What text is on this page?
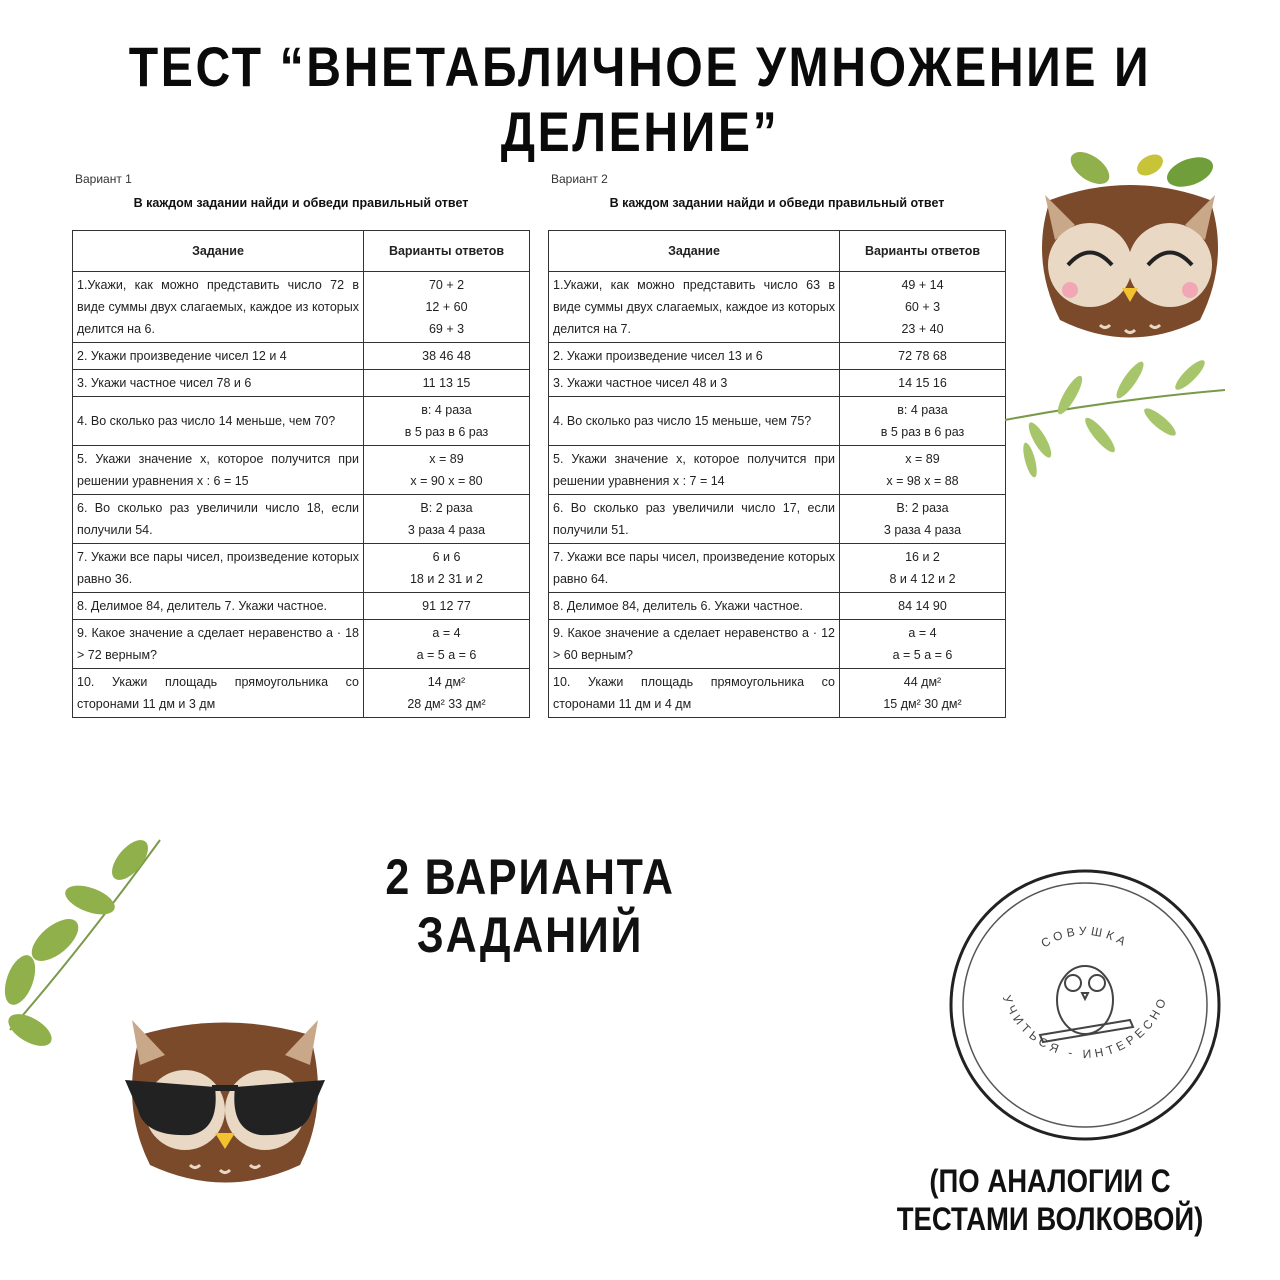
ТЕСТ “ВНЕТАБЛИЧНОЕ УМНОЖЕНИЕ И ДЕЛЕНИЕ”
Вариант 1
В каждом задании найди и обведи правильный ответ
Задание	Варианты ответов
1.Укажи, как можно представить число 72 в виде суммы двух слагаемых, каждое из которых делится на 6.	70 + 2
12 + 60
69 + 3

2. Укажи произведение чисел 12 и 4	38 46 48

3. Укажи частное чисел 78 и 6	11 13 15

4. Во сколько раз число 14 меньше, чем 70?	в: 4 раза
в 5 раз в 6 раз

5. Укажи значение х, которое получится при решении уравнения х : 6 = 15	х = 89
х = 90 х = 80

6. Во сколько раз увеличили число 18, если получили 54.	В: 2 раза
3 раза 4 раза

7. Укажи все пары чисел, произведение которых равно 36.	6 и 6
18 и 2 31 и 2

8. Делимое 84, делитель 7. Укажи частное.	91 12 77

9. Какое значение а сделает неравенство а · 18 > 72 верным?	а = 4
а = 5 а = 6

10. Укажи площадь прямоугольника со сторонами 11 дм и 3 дм	14 дм²
28 дм² 33 дм²
Вариант 2
В каждом задании найди и обведи правильный ответ
Задание	Варианты ответов
1.Укажи, как можно представить число 63 в виде суммы двух слагаемых, каждое из которых делится на 7.	49 + 14
60 + 3
23 + 40

2. Укажи произведение чисел 13 и 6	72 78 68

3. Укажи частное чисел 48 и 3	14 15 16

4. Во сколько раз число 15 меньше, чем 75?	в: 4 раза
в 5 раз в 6 раз

5. Укажи значение х, которое получится при решении уравнения х : 7 = 14	х = 89
х = 98 х = 88

6. Во сколько раз увеличили число 17, если получили 51.	В: 2 раза
3 раза 4 раза

7. Укажи все пары чисел, произведение которых равно 64.	16 и 2
8 и 4 12 и 2

8. Делимое 84, делитель 6. Укажи частное.	84 14 90

9. Какое значение а сделает неравенство а · 12 > 60 верным?	а = 4
а = 5 а = 6

10. Укажи площадь прямоугольника со сторонами 11 дм и 4 дм	44 дм²
15 дм² 30 дм²
2 ВАРИАНТА ЗАДАНИЙ	СОВУШКА
УЧИТЬСЯ - ИНТЕРЕСНО
(ПО АНАЛОГИИ С ТЕСТАМИ ВОЛКОВОЙ)
